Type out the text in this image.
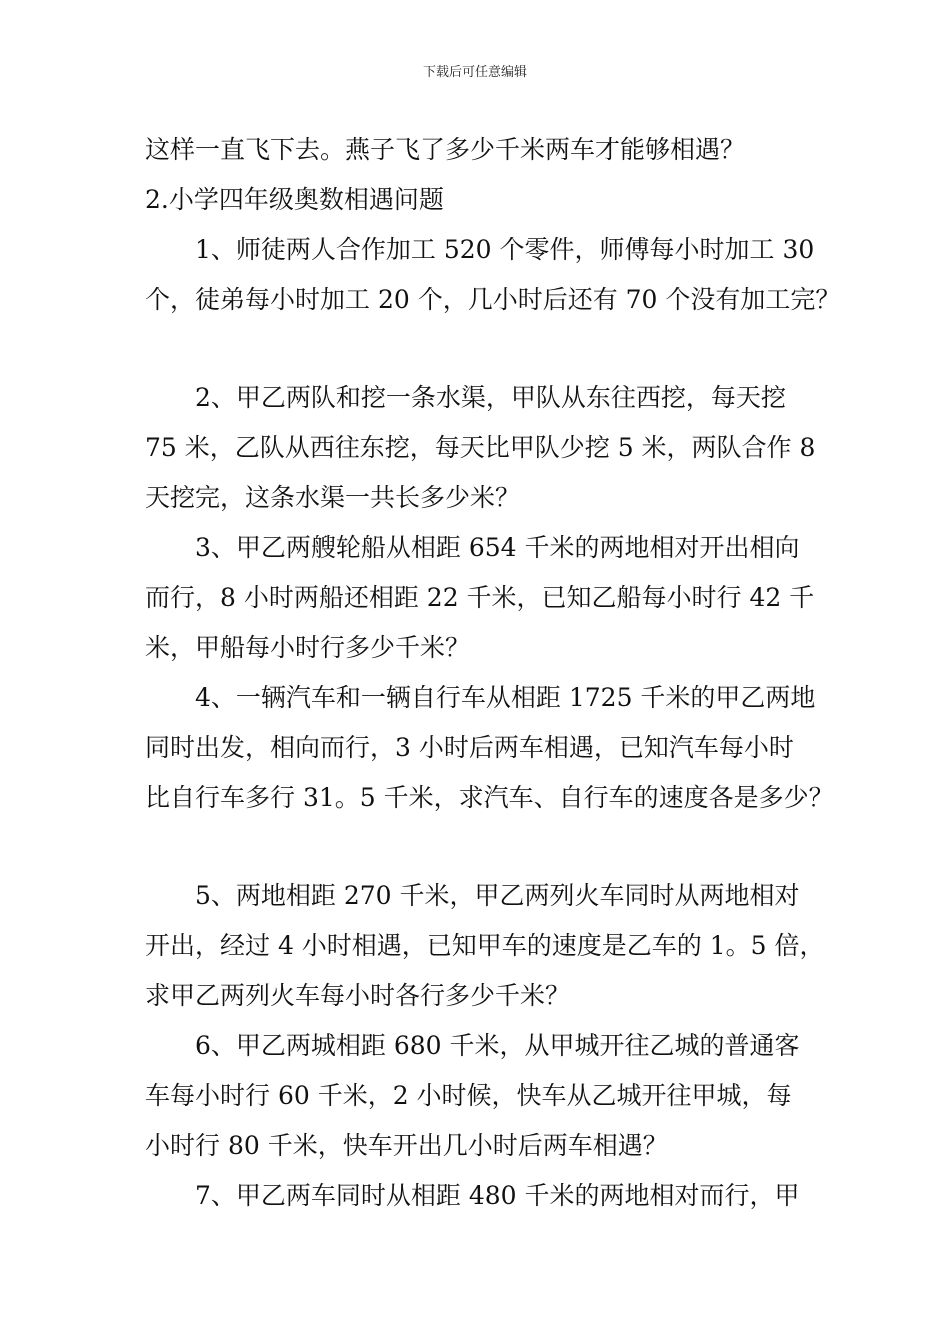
下载后可任意编辑
这样一直飞下去。燕子飞了多少千米两车才能够相遇？
2.小学四年级奥数相遇问题
1、师徒两人合作加工 520 个零件，师傅每小时加工 30
个，徒弟每小时加工 20 个，几小时后还有 70 个没有加工完？
2、甲乙两队和挖一条水渠，甲队从东往西挖，每天挖
75 米，乙队从西往东挖，每天比甲队少挖 5 米，两队合作 8
天挖完，这条水渠一共长多少米？
3、甲乙两艘轮船从相距 654 千米的两地相对开出相向
而行，8 小时两船还相距 22 千米，已知乙船每小时行 42 千
米，甲船每小时行多少千米？
4、一辆汽车和一辆自行车从相距 1725 千米的甲乙两地
同时出发，相向而行，3 小时后两车相遇，已知汽车每小时
比自行车多行 31。5 千米，求汽车、自行车的速度各是多少？
5、两地相距 270 千米，甲乙两列火车同时从两地相对
开出，经过 4 小时相遇，已知甲车的速度是乙车的 1。5 倍，
求甲乙两列火车每小时各行多少千米？
6、甲乙两城相距 680 千米，从甲城开往乙城的普通客
车每小时行 60 千米，2 小时候，快车从乙城开往甲城，每
小时行 80 千米，快车开出几小时后两车相遇？
7、甲乙两车同时从相距 480 千米的两地相对而行，甲
